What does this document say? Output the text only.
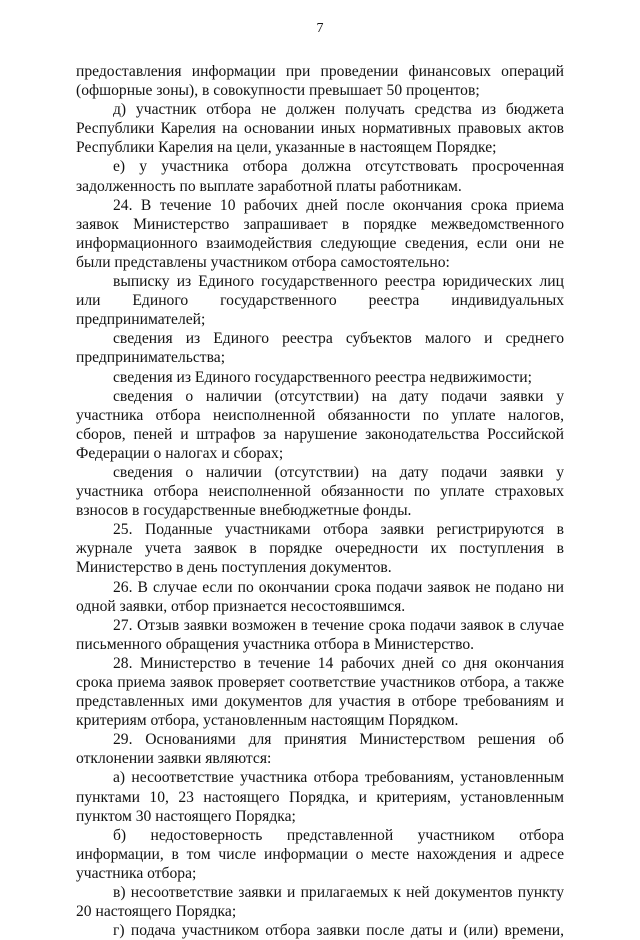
7

предоставления информации при проведении финансовых операций (офшорные зоны), в совокупности превышает 50 процентов;

д) участник отбора не должен получать средства из бюджета Республики Карелия на основании иных нормативных правовых актов Республики Карелия на цели, указанные в настоящем Порядке;

е) у участника отбора должна отсутствовать просроченная задолженность по выплате заработной платы работникам.

24. В течение 10 рабочих дней после окончания срока приема заявок Министерство запрашивает в порядке межведомственного информационного взаимодействия следующие сведения, если они не были представлены участником отбора самостоятельно:

выписку из Единого государственного реестра юридических лиц или Единого государственного реестра индивидуальных предпринимателей;

сведения из Единого реестра субъектов малого и среднего предпринимательства;

сведения из Единого государственного реестра недвижимости;

сведения о наличии (отсутствии) на дату подачи заявки у участника отбора неисполненной обязанности по уплате налогов, сборов, пеней и штрафов за нарушение законодательства Российской Федерации о налогах и сборах;

сведения о наличии (отсутствии) на дату подачи заявки у участника отбора неисполненной обязанности по уплате страховых взносов в государственные внебюджетные фонды.

25. Поданные участниками отбора заявки регистрируются в журнале учета заявок в порядке очередности их поступления в Министерство в день поступления документов.

26. В случае если по окончании срока подачи заявок не подано ни одной заявки, отбор признается несостоявшимся.

27. Отзыв заявки возможен в течение срока подачи заявок в случае письменного обращения участника отбора в Министерство.

28. Министерство в течение 14 рабочих дней со дня окончания срока приема заявок проверяет соответствие участников отбора, а также представленных ими документов для участия в отборе требованиям и критериям отбора, установленным настоящим Порядком.

29. Основаниями для принятия Министерством решения об отклонении заявки являются:

а) несоответствие участника отбора требованиям, установленным пунктами 10, 23 настоящего Порядка, и критериям, установленным пунктом 30 настоящего Порядка;

б) недостоверность представленной участником отбора информации, в том числе информации о месте нахождения и адресе участника отбора;

в) несоответствие заявки и прилагаемых к ней документов пункту 20 настоящего Порядка;

г) подача участником отбора заявки после даты и (или) времени,
